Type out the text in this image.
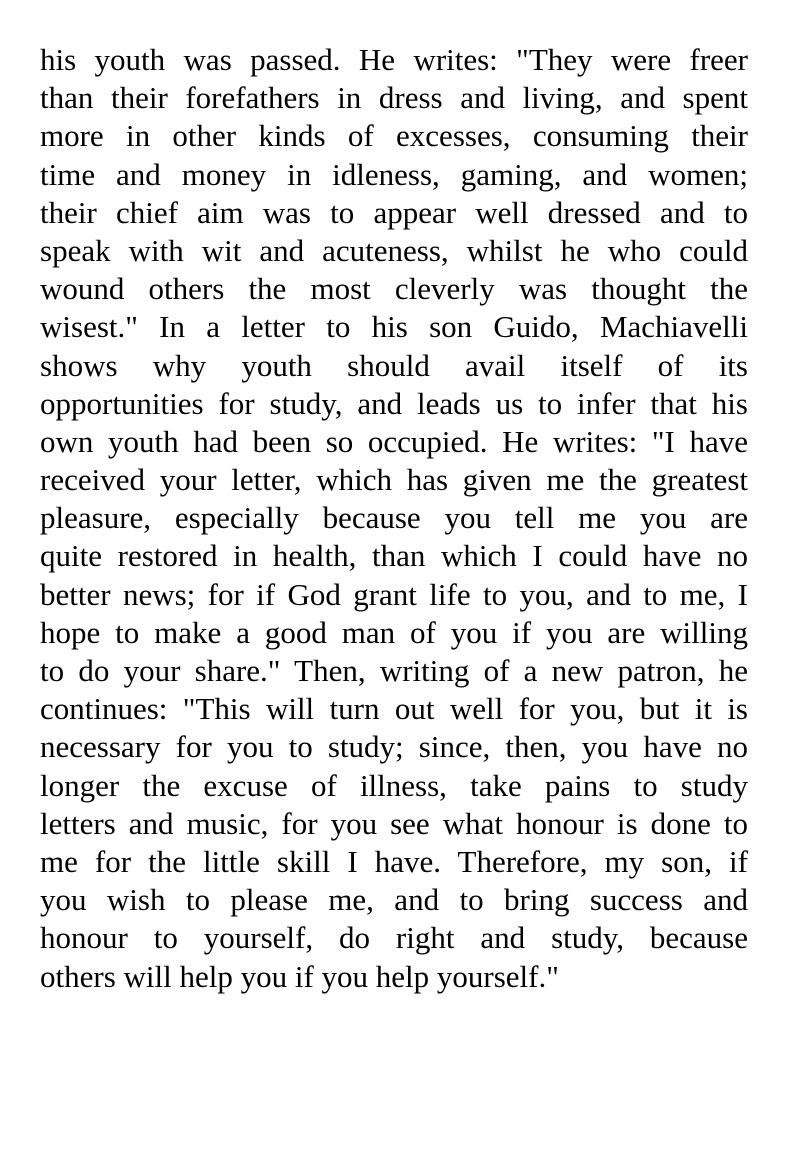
his youth was passed. He writes: "They were freer
than their forefathers in dress and living, and spent
more in other kinds of excesses, consuming their
time and money in idleness, gaming, and women;
their chief aim was to appear well dressed and to
speak with wit and acuteness, whilst he who could
wound others the most cleverly was thought the
wisest." In a letter to his son Guido, Machiavelli
shows why youth should avail itself of its
opportunities for study, and leads us to infer that his
own youth had been so occupied. He writes: "I have
received your letter, which has given me the greatest
pleasure, especially because you tell me you are
quite restored in health, than which I could have no
better news; for if God grant life to you, and to me, I
hope to make a good man of you if you are willing
to do your share." Then, writing of a new patron, he
continues: "This will turn out well for you, but it is
necessary for you to study; since, then, you have no
longer the excuse of illness, take pains to study
letters and music, for you see what honour is done to
me for the little skill I have. Therefore, my son, if
you wish to please me, and to bring success and
honour to yourself, do right and study, because
others will help you if you help yourself."
